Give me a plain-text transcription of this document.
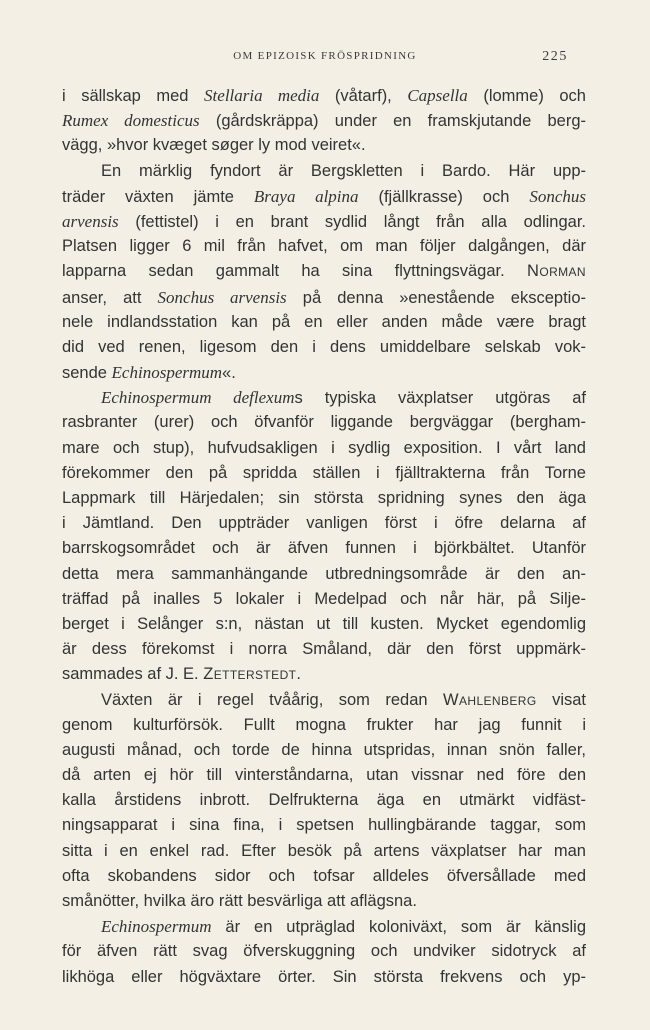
OM EPIZOISK FRÖSPRIDNING	225
i sällskap med Stellaria media (våtarf), Capsella (lomme) och
Rumex domesticus (gårdskräppa) under en framskjutande berg-
vägg, »hvor kvæget søger ly mod veiret«.
En märklig fyndort är Bergskletten i Bardo. Här upp-
träder växten jämte Braya alpina (fjällkrasse) och Sonchus
arvensis (fettistel) i en brant sydlid långt från alla odlingar.
Platsen ligger 6 mil från hafvet, om man följer dalgången, där
lapparna sedan gammalt ha sina flyttningsvägar. Norman
anser, att Sonchus arvensis på denna »enestående eksceptio-
nele indlandsstation kan på en eller anden måde være bragt
did ved renen, ligesom den i dens umiddelbare selskab vok-
sende Echinospermum«.
Echinospermum deflexums typiska växplatser utgöras af
rasbranter (urer) och öfvanför liggande bergväggar (bergham-
mare och stup), hufvudsakligen i sydlig exposition. I vårt land
förekommer den på spridda ställen i fjälltrakterna från Torne
Lappmark till Härjedalen; sin största spridning synes den äga
i Jämtland. Den uppträder vanligen först i öfre delarna af
barrskogsområdet och är äfven funnen i björkbältet. Utanför
detta mera sammanhängande utbredningsområde är den an-
träffad på inalles 5 lokaler i Medelpad och når här, på Silje-
berget i Selånger s:n, nästan ut till kusten. Mycket egendomlig
är dess förekomst i norra Småland, där den först uppmärk-
sammades af J. E. Zetterstedt.
Växten är i regel tvåårig, som redan Wahlenberg visat
genom kulturförsök. Fullt mogna frukter har jag funnit i
augusti månad, och torde de hinna utspridas, innan snön faller,
då arten ej hör till vinterståndarna, utan vissnar ned före den
kalla årstidens inbrott. Delfrukterna äga en utmärkt vidfäst-
ningsapparat i sina fina, i spetsen hullingbärande taggar, som
sitta i en enkel rad. Efter besök på artens växplatser har man
ofta skobandens sidor och tofsar alldeles öfversållade med
smånötter, hvilka äro rätt besvärliga att aflägsna.
Echinospermum är en utpräglad koloniväxt, som är känslig
för äfven rätt svag öfverskuggning och undviker sidotryck af
likhöga eller högväxtare örter. Sin största frekvens och yp-
